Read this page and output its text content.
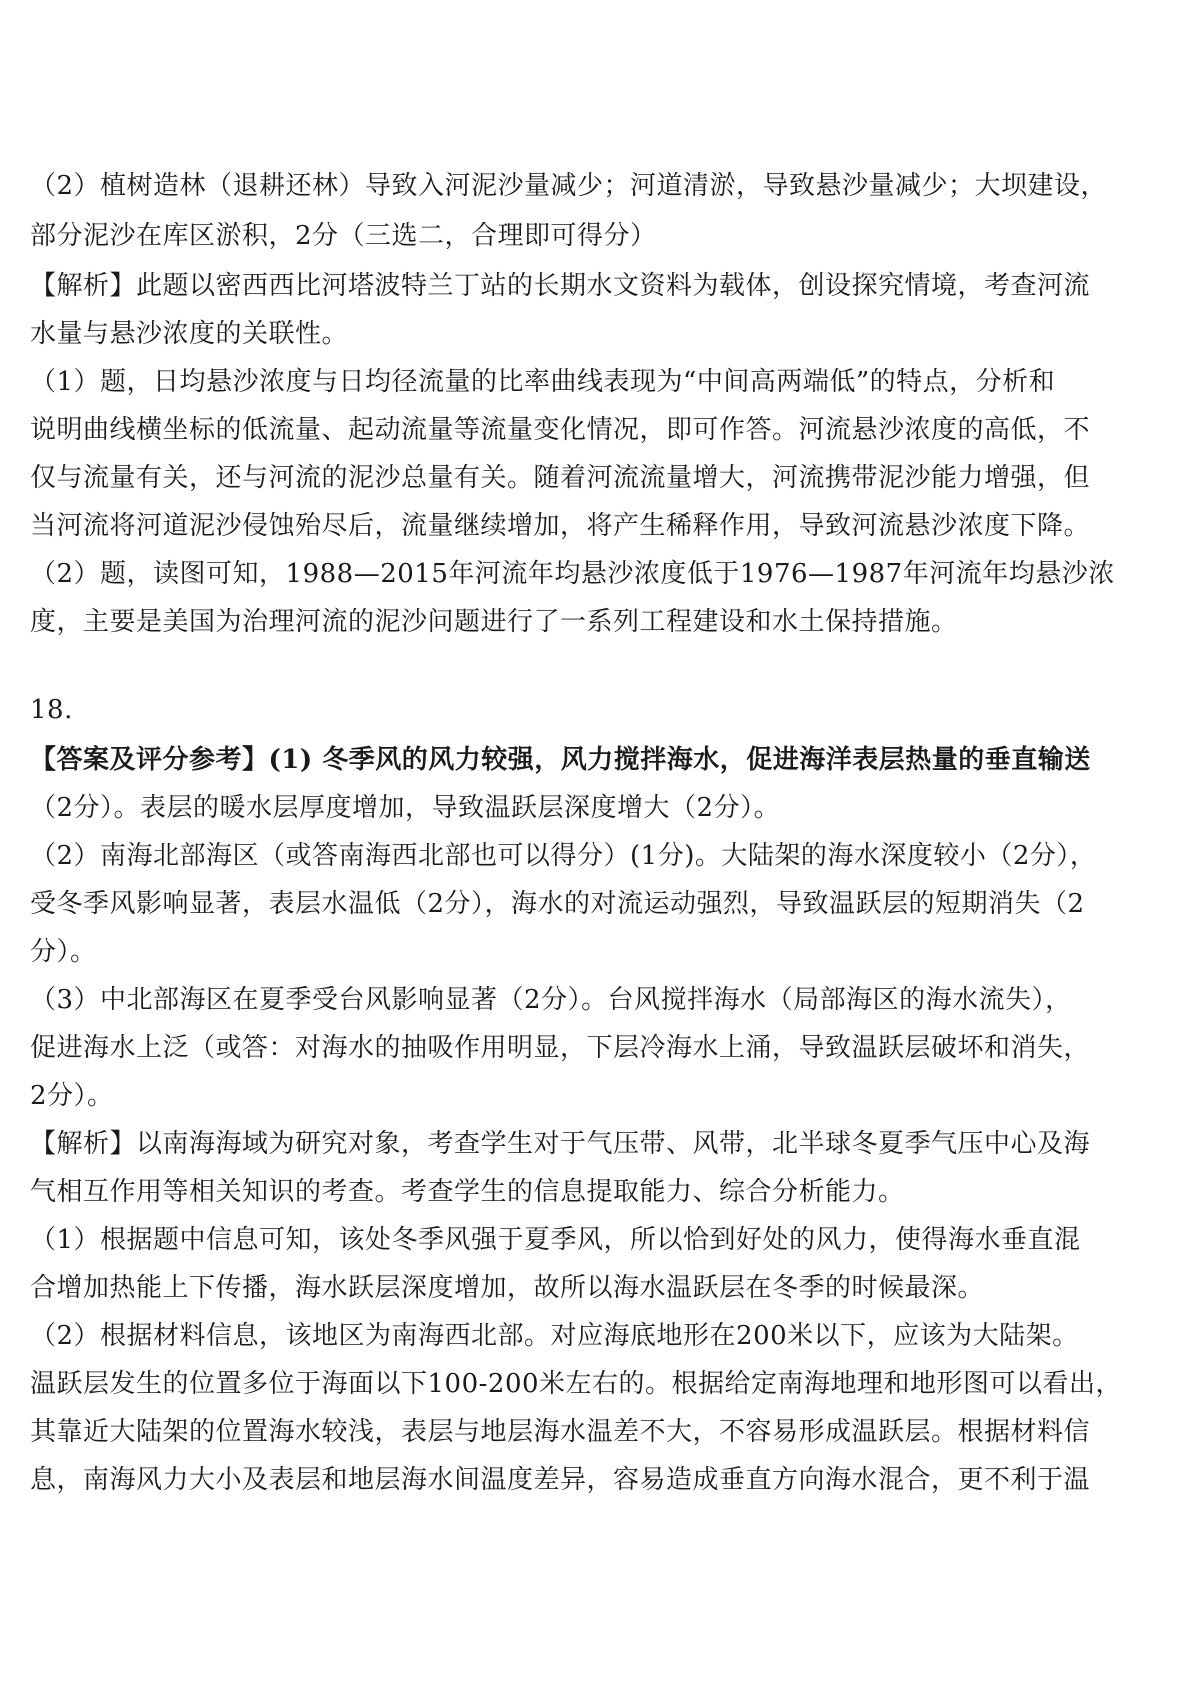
（2）植树造林（退耕还林）导致入河泥沙量减少；河道清淤，导致悬沙量减少；大坝建设，
部分泥沙在库区淤积，2分（三选二，合理即可得分）
【解析】此题以密西西比河塔波特兰丁站的长期水文资料为载体，创设探究情境，考查河流
水量与悬沙浓度的关联性。
（1）题，日均悬沙浓度与日均径流量的比率曲线表现为“中间高两端低”的特点，分析和
说明曲线横坐标的低流量、起动流量等流量变化情况，即可作答。河流悬沙浓度的高低，不
仅与流量有关，还与河流的泥沙总量有关。随着河流流量增大，河流携带泥沙能力增强，但
当河流将河道泥沙侵蚀殆尽后，流量继续增加，将产生稀释作用，导致河流悬沙浓度下降。
（2）题，读图可知，1988—2015年河流年均悬沙浓度低于1976—1987年河流年均悬沙浓
度，主要是美国为治理河流的泥沙问题进行了一系列工程建设和水土保持措施。
18.
【答案及评分参考】(1) 冬季风的风力较强，风力搅拌海水，促进海洋表层热量的垂直输送
（2分）。表层的暖水层厚度增加，导致温跃层深度增大（2分）。
（2）南海北部海区（或答南海西北部也可以得分）(1分)。大陆架的海水深度较小（2分），
受冬季风影响显著，表层水温低（2分），海水的对流运动强烈，导致温跃层的短期消失（2
分）。
（3）中北部海区在夏季受台风影响显著（2分）。台风搅拌海水（局部海区的海水流失），
促进海水上泛（或答：对海水的抽吸作用明显，下层冷海水上涌，导致温跃层破坏和消失，
2分）。
【解析】以南海海域为研究对象，考查学生对于气压带、风带，北半球冬夏季气压中心及海
气相互作用等相关知识的考查。考查学生的信息提取能力、综合分析能力。
（1）根据题中信息可知，该处冬季风强于夏季风，所以恰到好处的风力，使得海水垂直混
合增加热能上下传播，海水跃层深度增加，故所以海水温跃层在冬季的时候最深。
（2）根据材料信息，该地区为南海西北部。对应海底地形在200米以下，应该为大陆架。
温跃层发生的位置多位于海面以下100-200米左右的。根据给定南海地理和地形图可以看出，
其靠近大陆架的位置海水较浅，表层与地层海水温差不大，不容易形成温跃层。根据材料信
息，南海风力大小及表层和地层海水间温度差异，容易造成垂直方向海水混合，更不利于温
